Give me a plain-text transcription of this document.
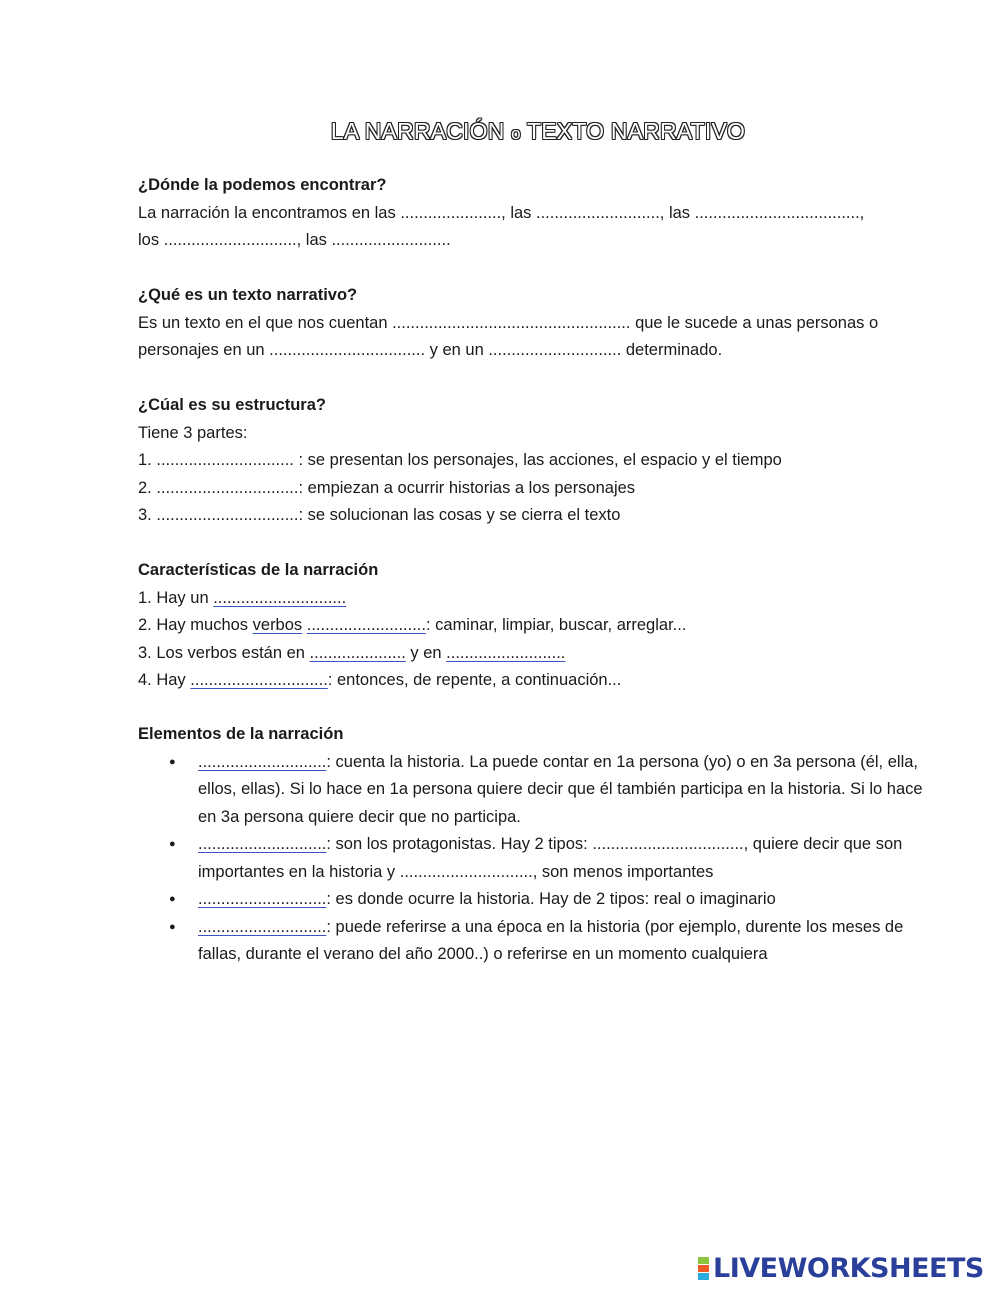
LA NARRACIÓN o TEXTO NARRATIVO
¿Dónde la podemos encontrar?
La narración la encontramos en las ......................, las ..........................., las ....................................,
los ............................., las ..........................
¿Qué es un texto narrativo?
Es un texto en el que nos cuentan .................................................... que le sucede a unas personas o
personajes en un .................................. y en un ............................. determinado.
¿Cúal es su estructura?
Tiene 3 partes:
1. .............................. : se presentan los personajes, las acciones, el espacio y el tiempo
2. ...............................: empiezan a ocurrir historias a los personajes
3. ...............................: se solucionan las cosas y se cierra el texto
Características de la narración
1. Hay un .............................
2. Hay muchos verbos ..........................: caminar, limpiar, buscar, arreglar...
3. Los verbos están en ..................... y en ..........................
4. Hay ..............................: entonces, de repente, a continuación...
Elementos de la narración
● ............................: cuenta la historia. La puede contar en 1a persona (yo) o en 3a persona (él, ella, ellos, ellas). Si lo hace en 1a persona quiere decir que él también participa en la historia. Si lo hace en 3a persona quiere decir que no participa.
● ............................: son los protagonistas. Hay 2 tipos: ................................., quiere decir que son importantes en la historia y ............................., son menos importantes
● ............................: es donde ocurre la historia. Hay de 2 tipos: real o imaginario
● ............................: puede referirse a una época en la historia (por ejemplo, durente los meses de fallas, durante el verano del año 2000..) o referirse en un momento cualquiera
LIVEWORKSHEETS
